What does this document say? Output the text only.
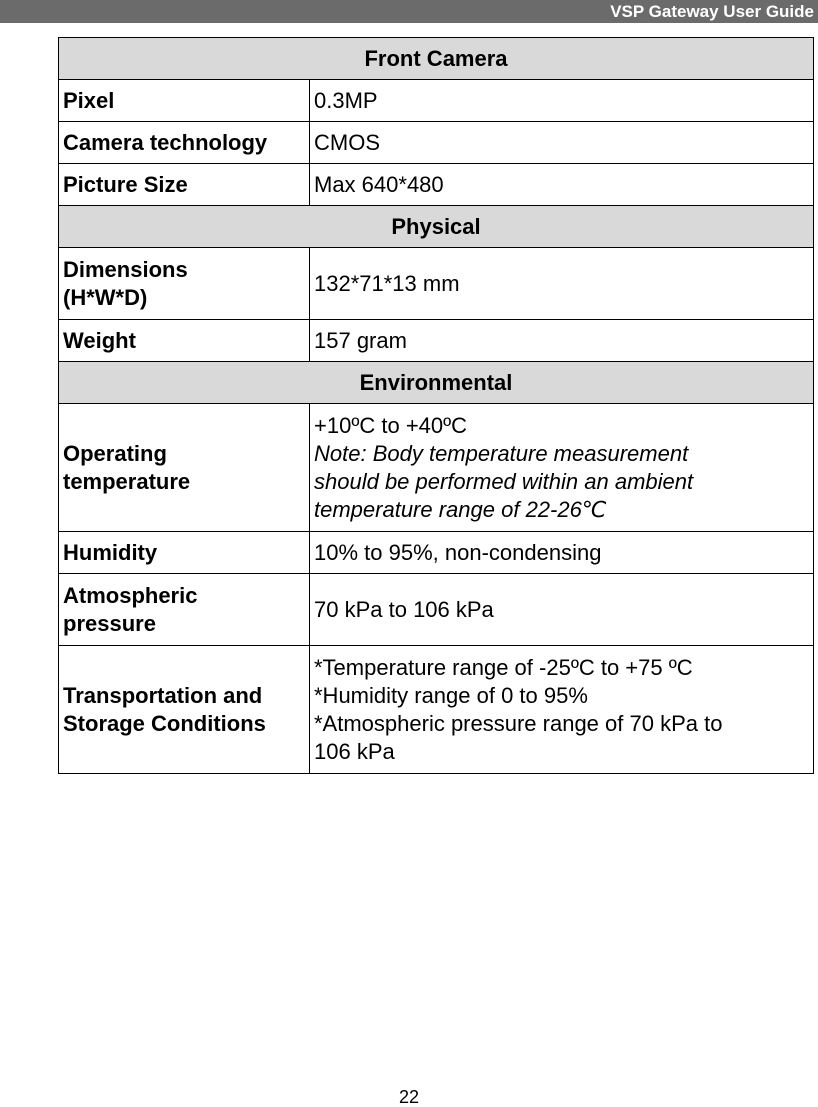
VSP Gateway User Guide
Front Camera	
Pixel	0.3MP
Camera technology	CMOS
Picture Size	Max 640*480
Physical	

Dimensions
(H*W*D)	132*71*13 mm
Weight	157 gram
Environmental	

Operating
temperature	+10ºC to +40ºC
Note: Body temperature measurement
should be performed within an ambient
temperature range of 22-26℃

Humidity	10% to 95%, non-condensing

Atmospheric
pressure	70 kPa to 106 kPa

Transportation and
Storage Conditions	*Temperature range of -25ºC to +75 ºC
*Humidity range of 0 to 95%
*Atmospheric pressure range of 70 kPa to
106 kPa
22
